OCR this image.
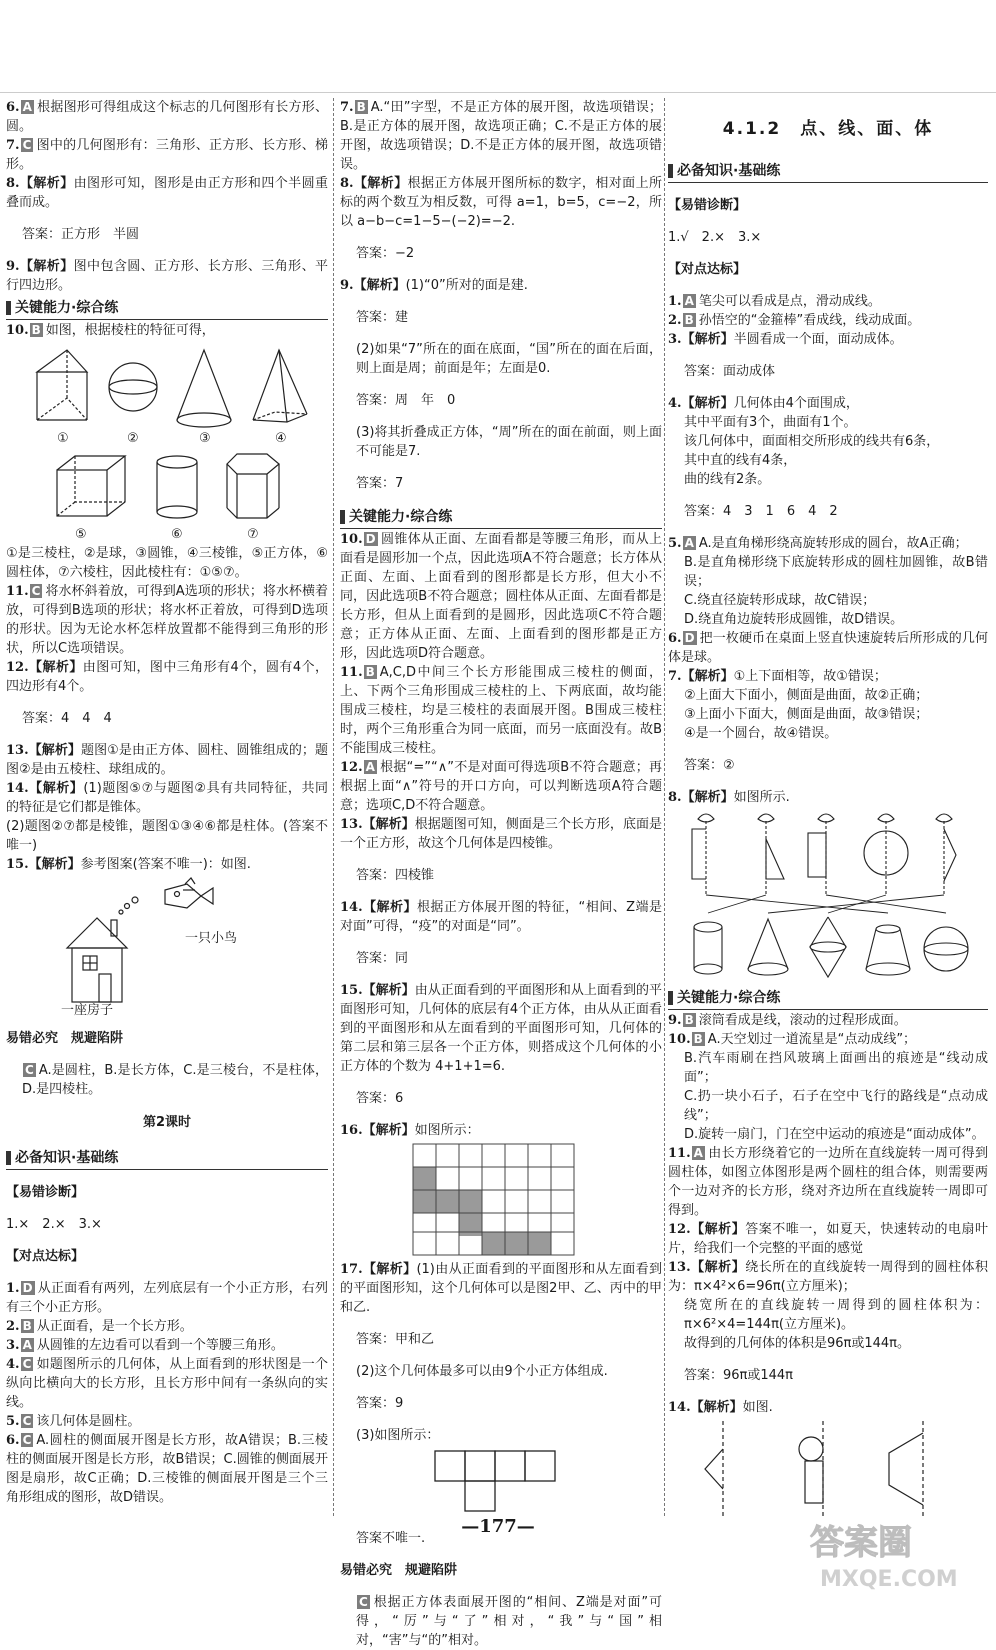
6. A 根据图形可得组成这个标志的几何图形有长方形、圆。

7. C 图中的几何图形有：三角形、正方形、长方形、梯形。

8.【解析】由图形可知，图形是由正方形和四个半圆重叠而成。

答案：正方形　半圆

9.【解析】图中包含圆、正方形、长方形、三角形、平行四边形。

关键能力·综合练

10. B 如图，根据棱柱的特征可得，

①	②	③	④
⑤	⑥	⑦

①是三棱柱，②是球，③圆锥，④三棱锥，⑤正方体，⑥圆柱体，⑦六棱柱，因此棱柱有：①⑤⑦。

11. C 将水杯斜着放，可得到A选项的形状；将水杯横着放，可得到B选项的形状；将水杯正着放，可得到D选项的形状。因为无论水杯怎样放置都不能得到三角形的形状，所以C选项错误。

12.【解析】由图可知，图中三角形有4个，圆有4个，四边形有4个。

答案：4　4　4

13.【解析】题图①是由正方体、圆柱、圆锥组成的；题图②是由五棱柱、球组成的。

14.【解析】(1)题图⑤⑦与题图②具有共同特征，共同的特征是它们都是锥体。

(2)题图②⑦都是棱锥，题图①③④⑥都是柱体。(答案不唯一)

15.【解析】参考图案(答案不唯一)：如图.

一只小鸟
一座房子

易错必究　规避陷阱

C A.是圆柱，B.是长方体，C.是三棱台，不是柱体，D.是四棱柱。

第2课时

必备知识·基础练

【易错诊断】

1.×　2.×　3.×

【对点达标】

1. D 从正面看有两列，左列底层有一个小正方形，右列有三个小正方形。

2. B 从正面看，是一个长方形。

3. A 从圆锥的左边看可以看到一个等腰三角形。

4. C 如题图所示的几何体，从上面看到的形状图是一个纵向比横向大的长方形，且长方形中间有一条纵向的实线。

5. C 该几何体是圆柱。

6. C A.圆柱的侧面展开图是长方形，故A错误；B.三棱柱的侧面展开图是长方形，故B错误；C.圆锥的侧面展开图是扇形，故C正确；D.三棱锥的侧面展开图是三个三角形组成的图形，故D错误。

7. B A.“田”字型，不是正方体的展开图，故选项错误；B.是正方体的展开图，故选项正确；C.不是正方体的展开图，故选项错误；D.不是正方体的展开图，故选项错误。

8.【解析】根据正方体展开图所标的数字，相对面上所标的两个数互为相反数，可得 a=1，b=5，c=−2，所以 a−b−c=1−5−(−2)=−2.

答案：−2

9.【解析】(1)“0”所对的面是建.

答案：建

(2)如果“7”所在的面在底面，“国”所在的面在后面，则上面是周；前面是年；左面是0.

答案：周　年　0

(3)将其折叠成正方体，“周”所在的面在前面，则上面不可能是7.

答案：7

关键能力·综合练

10. D 圆锥体从正面、左面看都是等腰三角形，而从上面看是圆形加一个点，因此选项A不符合题意；长方体从正面、左面、上面看到的图形都是长方形，但大小不同，因此选项B不符合题意；圆柱体从正面、左面看都是长方形，但从上面看到的是圆形，因此选项C不符合题意；正方体从正面、左面、上面看到的图形都是正方形，因此选项D符合题意。

11. B A,C,D中间三个长方形能围成三棱柱的侧面，上、下两个三角形围成三棱柱的上、下两底面，故均能围成三棱柱，均是三棱柱的表面展开图。B围成三棱柱时，两个三角形重合为同一底面，而另一底面没有。故B不能围成三棱柱。

12. A 根据“=”“∧”不是对面可得选项B不符合题意；再根据上面“∧”符号的开口方向，可以判断选项A符合题意；选项C,D不符合题意。

13.【解析】根据题图可知，侧面是三个长方形，底面是一个正方形，故这个几何体是四棱锥。

答案：四棱锥

14.【解析】根据正方体展开图的特征，“相间、Z端是对面”可得，“疫”的对面是“同”。

答案：同

15.【解析】由从正面看到的平面图形和从上面看到的平面图形可知，几何体的底层有4个正方体，由从从正面看到的平面图形和从左面看到的平面图形可知，几何体的第二层和第三层各一个正方体，则搭成这个几何体的小正方体的个数为 4+1+1=6.

答案：6

16.【解析】如图所示：

17.【解析】(1)由从正面看到的平面图形和从左面看到的平面图形知，这个几何体可以是图2甲、乙、丙中的甲和乙.

答案：甲和乙

(2)这个几何体最多可以由9个小正方体组成.

答案：9

(3)如图所示：

答案不唯一.

易错必究　规避陷阱

C 根据正方体表面展开图的“相间、Z端是对面”可得，“厉”与“了”相对，“我”与“国”相对，“害”与“的”相对。

4.1.2　点、线、面、体

必备知识·基础练

【易错诊断】

1.√　2.×　3.×

【对点达标】

1. A 笔尖可以看成是点，滑动成线。

2. B 孙悟空的“金箍棒”看成线，线动成面。

3.【解析】半圆看成一个面，面动成体。

答案：面动成体

4.【解析】几何体由4个面围成，

其中平面有3个，曲面有1个。

该几何体中，面面相交所形成的线共有6条，

其中直的线有4条，

曲的线有2条。

答案：4　3　1　6　4　2

5. A A.是直角梯形绕高旋转形成的圆台，故A正确；

B.是直角梯形绕下底旋转形成的圆柱加圆锥，故B错误；

C.绕直径旋转形成球，故C错误；

D.绕直角边旋转形成圆锥，故D错误。

6. D 把一枚硬币在桌面上竖直快速旋转后所形成的几何体是球。

7.【解析】①上下面相等，故①错误；

②上面大下面小，侧面是曲面，故②正确；

③上面小下面大，侧面是曲面，故③错误；

④是一个圆台，故④错误。

答案：②

8.【解析】如图所示.

关键能力·综合练

9. B 滚筒看成是线，滚动的过程形成面。

10. B A.天空划过一道流星是“点动成线”；

B.汽车雨刷在挡风玻璃上面画出的痕迹是“线动成面”；

C.扔一块小石子，石子在空中飞行的路线是“点动成线”；

D.旋转一扇门，门在空中运动的痕迹是“面动成体”。

11. A 由长方形绕着它的一边所在直线旋转一周可得到圆柱体，如图立体图形是两个圆柱的组合体，则需要两个一边对齐的长方形，绕对齐边所在直线旋转一周即可得到。

12.【解析】答案不唯一，如夏天，快速转动的电扇叶片，给我们一个完整的平面的感觉

13.【解析】绕长所在的直线旋转一周得到的圆柱体积为：π×4²×6=96π(立方厘米)；

绕宽所在的直线旋转一周得到的圆柱体积为：π×6²×4=144π(立方厘米)。

故得到的几何体的体积是96π或144π。

答案：96π或144π

14.【解析】如图.

—177—	答案圈
MXQE.COM
